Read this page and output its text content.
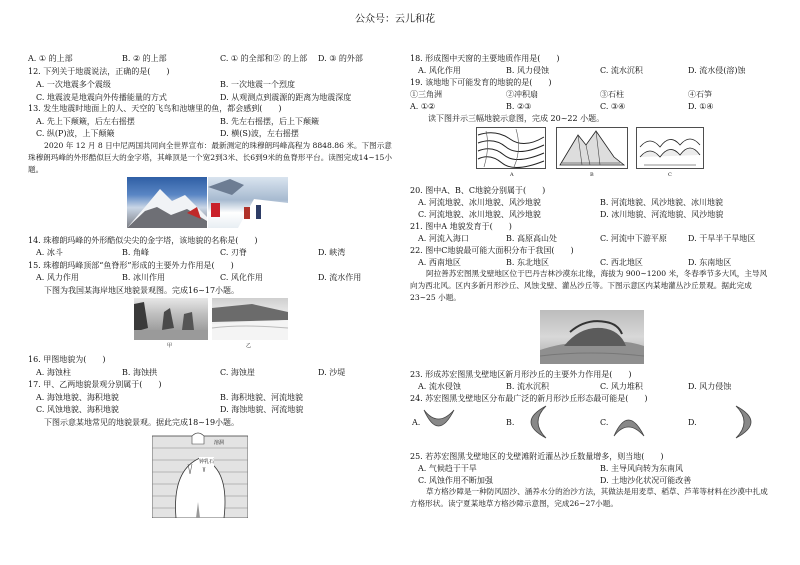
公众号：云儿和花
A. ① 的上部	B. ② 的上部	C. ① 的全部和② 的上部 D. ③ 的外部
12. 下列关于地震说法，正确的是(　　)
A. 一次地震多个震级	B. 一次地震一个烈度
C. 地震波是地震向外传播能量的方式	D. 从观测点到震源的距离为地震深度
13. 发生地震时地面上的人、天空的飞鸟和池塘里的鱼，都会感到(　　)
A. 先上下颠簸，后左右摇摆	B. 先左右摇摆，后上下颠簸
C. 纵(P)波，上下颠簸	D. 横(S)波，左右摇摆
2020 年 12 月 8 日中尼两国共同向全世界宣布：最新测定的珠穆朗玛峰高程为 8848.86 米。下图示意珠穆朗玛峰的外形酷似巨大的金字塔，其峰顶是一个宽2到3米、长6到9米的鱼脊形平台。读图完成14~15小题。
14. 珠穆朗玛峰的外形酷似尖尖的金字塔，该地貌的名称是(　　)
A. 冰斗	B. 角峰	C. 刃脊	D. 峡湾
15. 珠穆朗玛峰顶部“鱼脊形”形成的主要外力作用是(　　)
A. 风力作用	B. 冰川作用	C. 风化作用	D. 流水作用
下图为我国某海岸地区地貌景观图。完成16~17小题。
甲	乙
16. 甲图地貌为(　　)
A. 海蚀柱	B. 海蚀拱	C. 海蚀崖	D. 沙堤
17. 甲、乙两地貌景观分别属于(　　)
A. 海蚀地貌、海积地貌	B. 海积地貌、河流地貌
C. 风蚀地貌、海积地貌	D. 海蚀地貌、河流地貌
下图示意某地常见的地貌景观。据此完成18~19小题。
溶洞
钟乳石
18. 形成图中天窗的主要地质作用是(　　)
A. 风化作用	B. 风力侵蚀	C. 流水沉积	D. 流水侵(溶)蚀
19. 该地地下可能发育的地貌的是(　　)
①三角洲	②冲积扇	③石柱	④石笋
A. ①②	B. ②③	C. ③④	D. ①④
读下图并示三幅地貌示意图，完成 20~22 小题。
A	B	C
20. 图中A、B、C地貌分别属于(　　)
A. 河流地貌、冰川地貌、风沙地貌	B. 河流地貌、风沙地貌、冰川地貌
C. 河流地貌、冰川地貌、风沙地貌	D. 冰川地貌、河流地貌、风沙地貌
21. 图中A 地貌发育于(　　)
A. 河流入海口	B. 高原高山处	C. 河流中下游平原	D. 干旱半干旱地区
22. 图中C地貌最可能大面积分布于我国(　　)
A. 西南地区	B. 东北地区	C. 西北地区	D. 东南地区
阿拉善苏宏图黑戈壁地区位于巴丹吉林沙漠东北缘，海拔为 900~1200 米，冬春季节多大风，主导风向为西北风。区内多新月形沙丘、风蚀戈壁、灌丛沙丘等。下图示意区内某地灌丛沙丘景观。据此完成 23~25 小题。
23. 形成苏宏图黑戈壁地区新月形沙丘的主要外力作用是(　　)
A. 流水侵蚀	B. 流水沉积	C. 风力堆积	D. 风力侵蚀
24. 苏宏图黑戈壁地区分布最广泛的新月形沙丘形态最可能是(　　)
A.	B.	C.	D.
25. 若苏宏图黑戈壁地区的戈壁滩附近灌丛沙丘数量增多，则当地(　　)
A. 气候趋于干旱	B. 主导风向转为东南风
C. 风蚀作用不断加强	D. 土地沙化状况可能改善
草方格沙障是一种防风固沙、涵养水分的治沙方法，其做法是用麦草、稻草、芦苇等材料在沙漠中扎成方格形状。读宁夏某地草方格沙障示意图，完成26~27小题。
